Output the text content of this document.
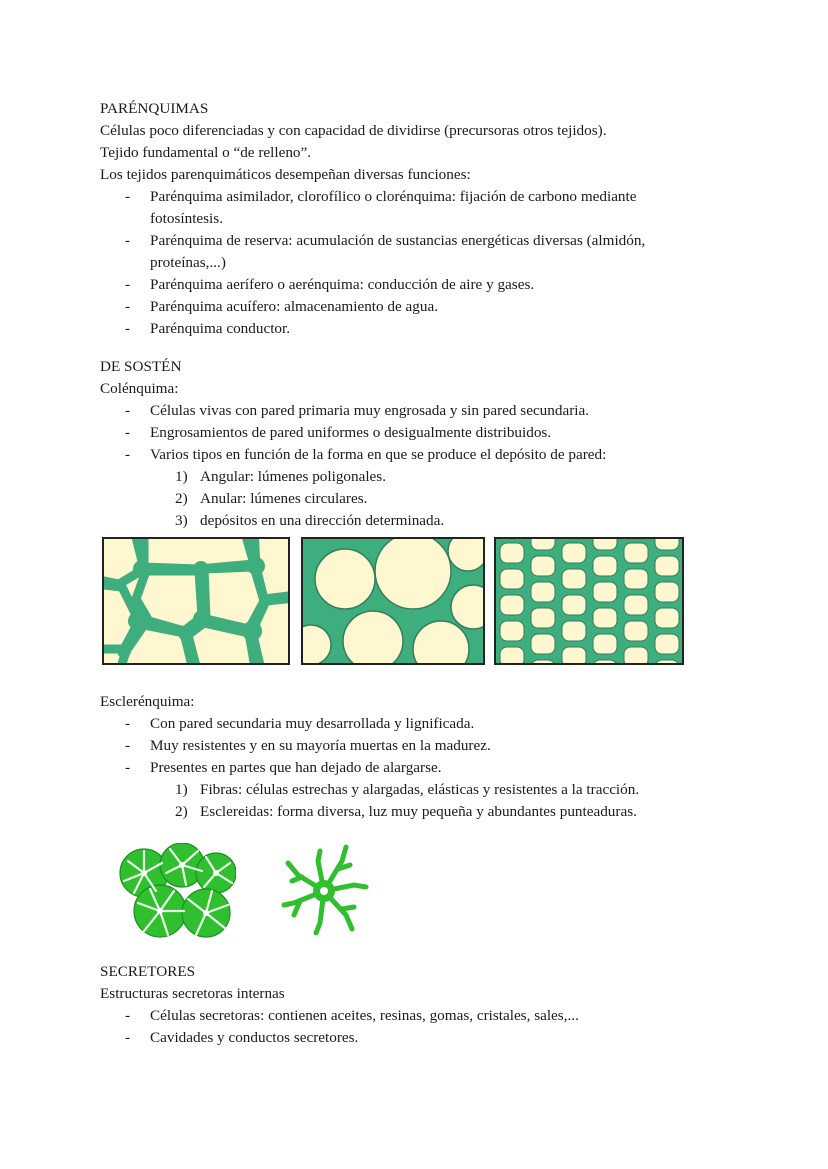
PARÉNQUIMAS
Células poco diferenciadas y con capacidad de dividirse (precursoras otros tejidos).
Tejido fundamental o “de relleno”.
Los tejidos parenquimáticos desempeñan diversas funciones:
- Parénquima asimilador, clorofílico o clorénquima: fijación de carbono mediante
fotosíntesis.
- Parénquima de reserva: acumulación de sustancias energéticas diversas (almidón,
proteínas,...)
- Parénquima aerífero o aerénquima: conducción de aire y gases.
- Parénquima acuífero: almacenamiento de agua.
- Parénquima conductor.
DE SOSTÉN
Colénquima:
- Células vivas con pared primaria muy engrosada y sin pared secundaria.
- Engrosamientos de pared uniformes o desigualmente distribuidos.
- Varios tipos en función de la forma en que se produce el depósito de pared:
1) Angular: lúmenes poligonales.
2) Anular: lúmenes circulares.
3) depósitos en una dirección determinada.
Esclerénquima:
- Con pared secundaria muy desarrollada y lignificada.
- Muy resistentes y en su mayoría muertas en la madurez.
- Presentes en partes que han dejado de alargarse.
1) Fibras: células estrechas y alargadas, elásticas y resistentes a la tracción.
2) Esclereidas: forma diversa, luz muy pequeña y abundantes punteaduras.
SECRETORES
Estructuras secretoras internas
- Células secretoras: contienen aceites, resinas, gomas, cristales, sales,...
- Cavidades y conductos secretores.
